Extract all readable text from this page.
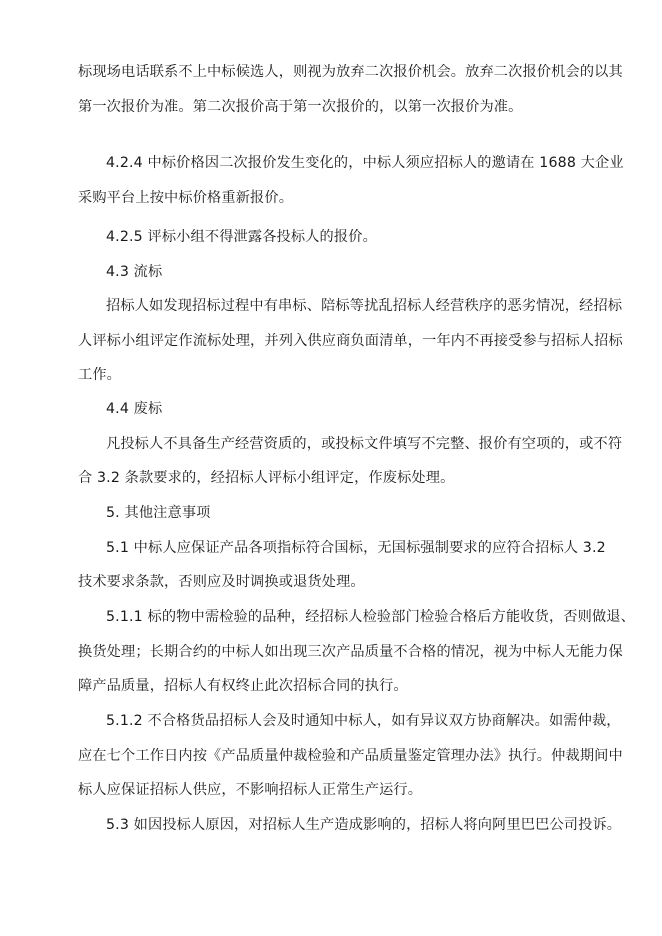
标现场电话联系不上中标候选人，则视为放弃二次报价机会。放弃二次报价机会的以其
第一次报价为准。第二次报价高于第一次报价的，以第一次报价为准。
4.2.4 中标价格因二次报价发生变化的，中标人须应招标人的邀请在 1688 大企业
采购平台上按中标价格重新报价。
4.2.5 评标小组不得泄露各投标人的报价。
4.3 流标
招标人如发现招标过程中有串标、陪标等扰乱招标人经营秩序的恶劣情况，经招标
人评标小组评定作流标处理，并列入供应商负面清单，一年内不再接受参与招标人招标
工作。
4.4 废标
凡投标人不具备生产经营资质的，或投标文件填写不完整、报价有空项的，或不符
合 3.2 条款要求的，经招标人评标小组评定，作废标处理。
5. 其他注意事项
5.1 中标人应保证产品各项指标符合国标，无国标强制要求的应符合招标人 3.2
技术要求条款，否则应及时调换或退货处理。
5.1.1 标的物中需检验的品种，经招标人检验部门检验合格后方能收货，否则做退、
换货处理；长期合约的中标人如出现三次产品质量不合格的情况，视为中标人无能力保
障产品质量，招标人有权终止此次招标合同的执行。
5.1.2 不合格货品招标人会及时通知中标人，如有异议双方协商解决。如需仲裁，
应在七个工作日内按《产品质量仲裁检验和产品质量鉴定管理办法》执行。仲裁期间中
标人应保证招标人供应，不影响招标人正常生产运行。
5.3 如因投标人原因，对招标人生产造成影响的，招标人将向阿里巴巴公司投诉。
